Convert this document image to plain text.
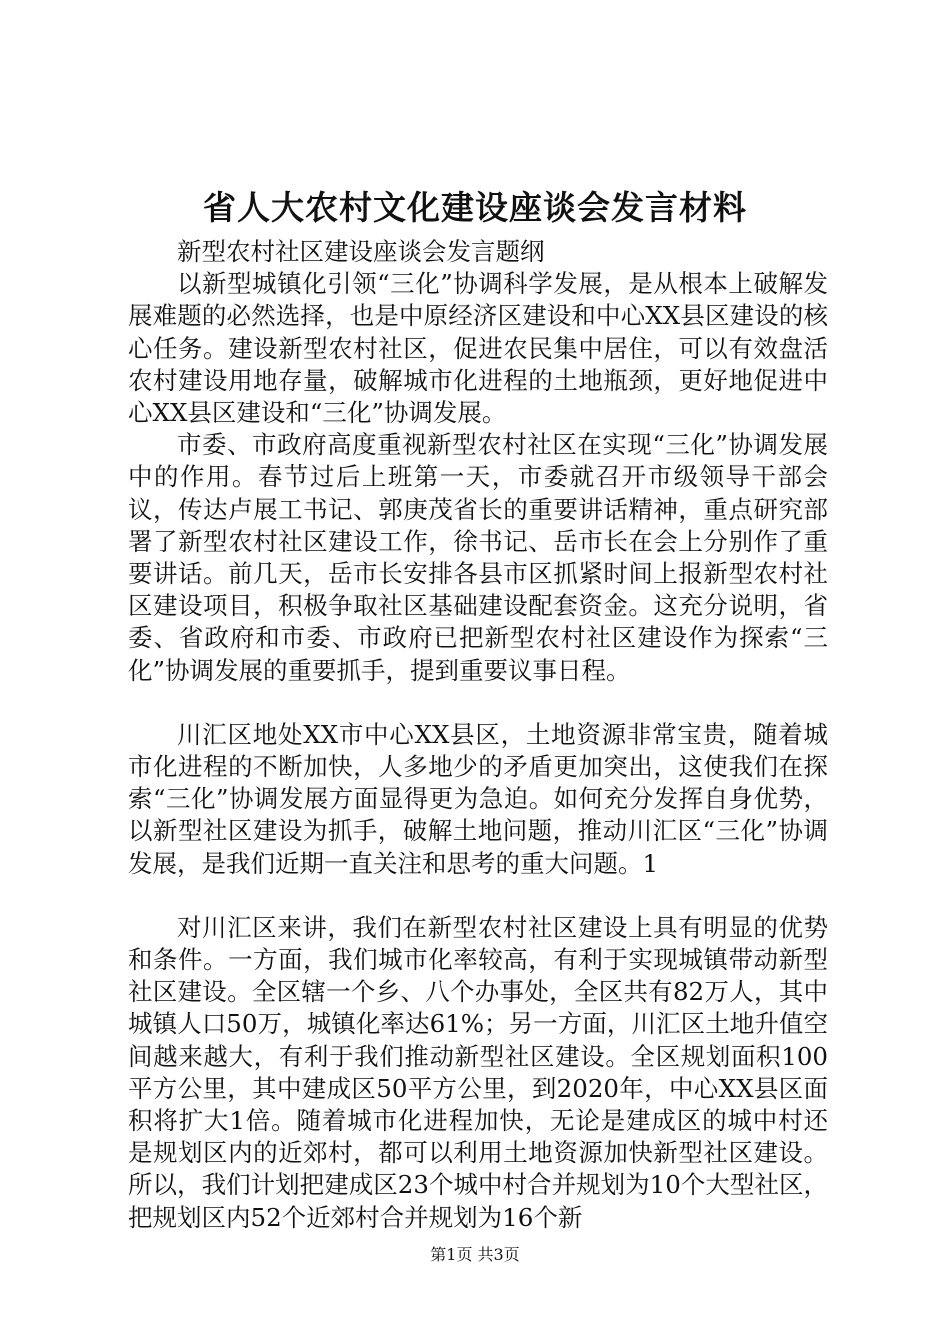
省人大农村文化建设座谈会发言材料

新型农村社区建设座谈会发言题纲

以新型城镇化引领“三化”协调科学发展，是从根本上破解发展难题的必然选择，也是中原经济区建设和中心XX县区建设的核心任务。建设新型农村社区，促进农民集中居住，可以有效盘活农村建设用地存量，破解城市化进程的土地瓶颈，更好地促进中心XX县区建设和“三化”协调发展。

市委、市政府高度重视新型农村社区在实现“三化”协调发展中的作用。春节过后上班第一天，市委就召开市级领导干部会议，传达卢展工书记、郭庚茂省长的重要讲话精神，重点研究部署了新型农村社区建设工作，徐书记、岳市长在会上分别作了重要讲话。前几天，岳市长安排各县市区抓紧时间上报新型农村社区建设项目，积极争取社区基础建设配套资金。这充分说明，省委、省政府和市委、市政府已把新型农村社区建设作为探索“三化”协调发展的重要抓手，提到重要议事日程。

川汇区地处XX市中心XX县区，土地资源非常宝贵，随着城市化进程的不断加快，人多地少的矛盾更加突出，这使我们在探索“三化”协调发展方面显得更为急迫。如何充分发挥自身优势，以新型社区建设为抓手，破解土地问题，推动川汇区“三化”协调发展，是我们近期一直关注和思考的重大问题。1

对川汇区来讲，我们在新型农村社区建设上具有明显的优势和条件。一方面，我们城市化率较高，有利于实现城镇带动新型社区建设。全区辖一个乡、八个办事处，全区共有82万人，其中城镇人口50万，城镇化率达61%；另一方面，川汇区土地升值空间越来越大，有利于我们推动新型社区建设。全区规划面积100平方公里，其中建成区50平方公里，到2020年，中心XX县区面积将扩大1倍。随着城市化进程加快，无论是建成区的城中村还是规划区内的近郊村，都可以利用土地资源加快新型社区建设。所以，我们计划把建成区23个城中村合并规划为10个大型社区，把规划区内52个近郊村合并规划为16个新

第1页 共3页
